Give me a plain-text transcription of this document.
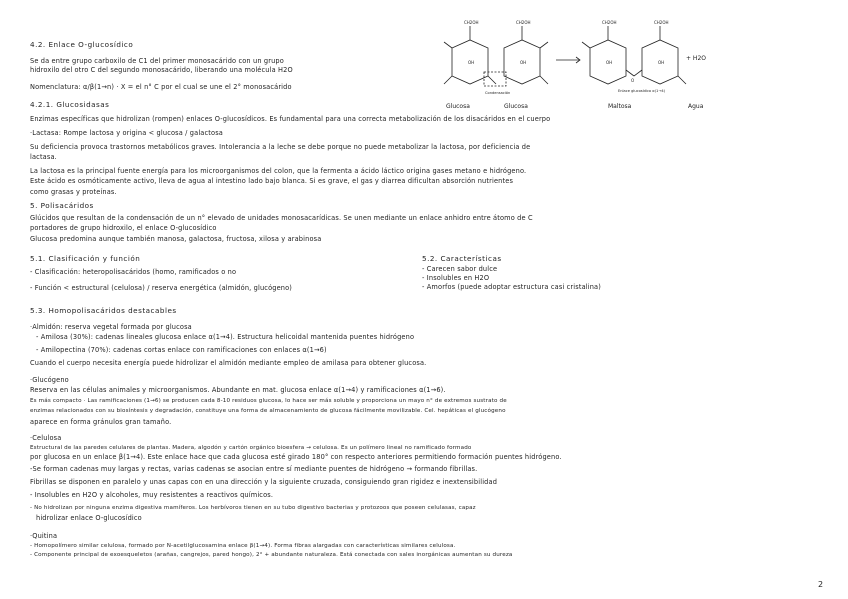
4.2. Enlace O-glucosídico
Se da entre grupo carboxilo de C1 del primer monosacárido con un grupo
hidroxilo del otro C del segundo monosacárido, liberando una molécula H2O
Nomenclatura: α/β(1→n) · X = el n° C por el cual se une el 2° monosacárido
CH2OH	CH2OH	CH2OH	CH2OH
OH	OH	OH	OH
O
+ H2O
Condensación	Enlace glucosídico α(1→4)
Glucosa	Glucosa	Maltosa	Agua
4.2.1. Glucosidasas
Enzimas específicas que hidrolizan (rompen) enlaces O-glucosídicos. Es fundamental para una correcta metabolización de los disacáridos en el cuerpo
·Lactasa: Rompe lactosa y origina < glucosa / galactosa
Su deficiencia provoca trastornos metabólicos graves. Intolerancia a la leche se debe porque no puede metabolizar la lactosa, por deficiencia de
lactasa.
La lactosa es la principal fuente energía para los microorganismos del colon, que la fermenta a ácido láctico origina gases metano e hidrógeno.
Este ácido es osmóticamente activo, lleva de agua al intestino lado bajo blanca. Si es grave, el gas y diarrea dificultan absorción nutrientes
como grasas y proteínas.
5. Polisacáridos
Glúcidos que resultan de la condensación de un n° elevado de unidades monosacarídicas. Se unen mediante un enlace anhidro entre átomo de C
portadores de grupo hidroxilo, el enlace O-glucosídico
Glucosa predomina aunque también manosa, galactosa, fructosa, xilosa y arabinosa
5.1. Clasificación y función
- Clasificación: heteropolisacáridos (homo, ramificados o no
- Función < estructural (celulosa) / reserva energética (almidón, glucógeno)
5.2. Características
- Carecen sabor dulce
- Insolubles en H2O
- Amorfos (puede adoptar estructura casi cristalina)
5.3. Homopolisacáridos destacables
·Almidón: reserva vegetal formada por glucosa
- Amilosa (30%): cadenas lineales glucosa enlace α(1→4). Estructura helicoidal mantenida puentes hidrógeno
- Amilopectina (70%): cadenas cortas enlace con ramificaciones con enlaces α(1→6)
Cuando el cuerpo necesita energía puede hidrolizar el almidón mediante empleo de amilasa para obtener glucosa.
·Glucógeno
Reserva en las células animales y microorganismos. Abundante en mat. glucosa enlace α(1→4) y ramificaciones α(1→6).
Es más compacto · Las ramificaciones (1→6) se producen cada 8-10 residuos glucosa, lo hace ser más soluble y proporciona un mayo n° de extremos sustrato de
enzimas relacionados con su biosíntesis y degradación, constituye una forma de almacenamiento de glucosa fácilmente movilizable. Cel. hepáticas el glucógeno
aparece en forma gránulos gran tamaño.
·Celulosa
Estructural de las paredes celulares de plantas. Madera, algodón y cartón orgánico bioesfera → celulosa. Es un polímero lineal no ramificado formado
por glucosa en un enlace β(1→4). Este enlace hace que cada glucosa esté girado 180° con respecto anteriores permitiendo formación puentes hidrógeno.
-Se forman cadenas muy largas y rectas, varias cadenas se asocian entre sí mediante puentes de hidrógeno → formando fibrillas.
Fibrillas se disponen en paralelo y unas capas con en una dirección y la siguiente cruzada, consiguiendo gran rigidez e inextensibilidad
- Insolubles en H2O y alcoholes, muy resistentes a reactivos químicos.
- No hidrolizan por ninguna enzima digestiva mamíferos. Los herbívoros tienen en su tubo digestivo bacterias y protozoos que poseen celulasas, capaz
hidrolizar enlace O-glucosídico
·Quitina
- Homopolímero similar celulosa, formado por N-acetilglucosamina enlace β(1→4). Forma fibras alargadas con características similares celulosa.
- Componente principal de exoesqueletos (arañas, cangrejos, pared hongo), 2° + abundante naturaleza. Está conectada con sales inorgánicas aumentan su dureza
2
